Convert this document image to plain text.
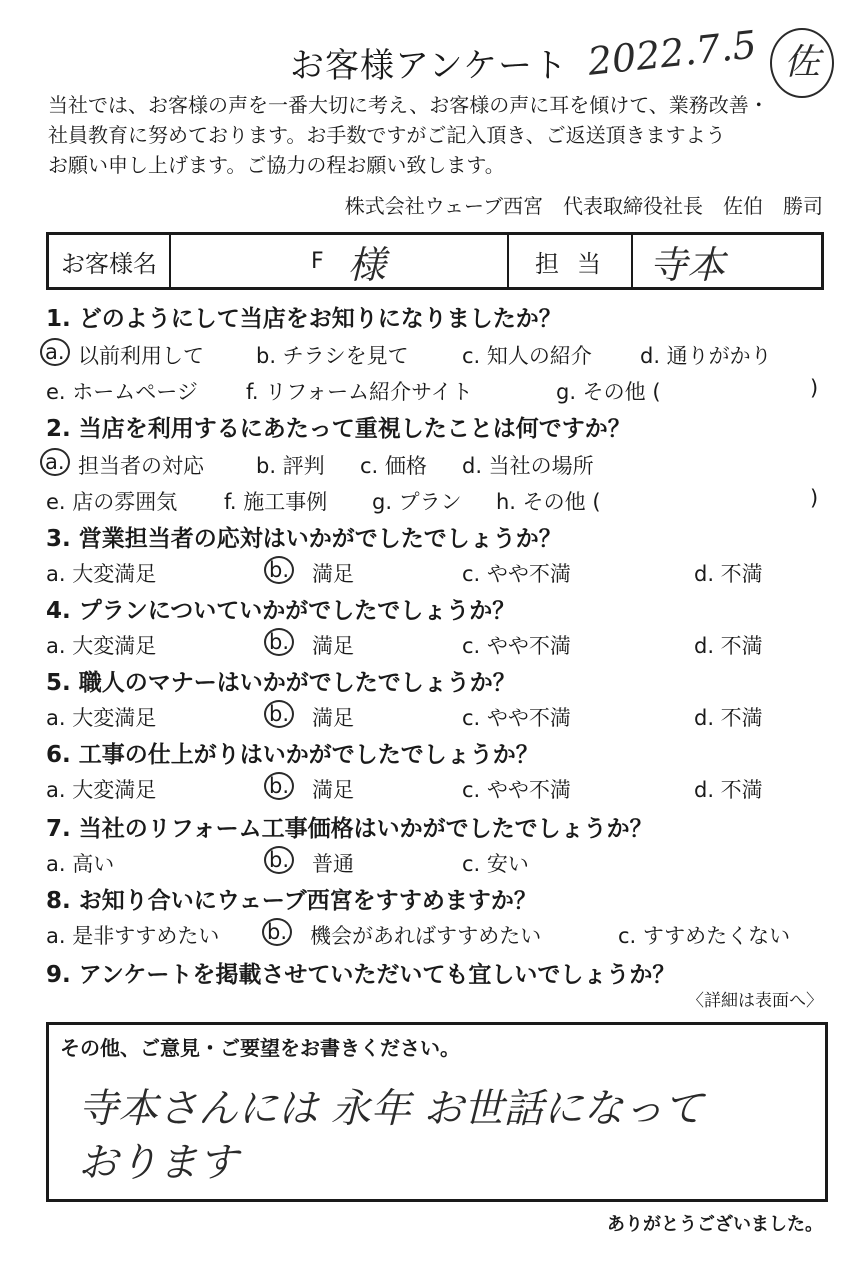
お客様アンケート 2022.7.5 佐

当社では、お客様の声を一番大切に考え、お客様の声に耳を傾けて、業務改善・

社員教育に努めております。お手数ですがご記入頂き、ご返送頂きますよう

お願い申し上げます。ご協力の程お願い致します。

株式会社ウェーブ西宮　代表取締役社長　佐伯　勝司
お客様名	F 様	担当 寺本
1. どのようにして当店をお知りになりましたか？
a. 以前利用して b. チラシを見て	c. 知人の紹介 d. 通りがかり
e. ホームページ f. リフォーム紹介サイト	g. その他 (	)
2. 当店を利用するにあたって重視したことは何ですか？
a. 担当者の対応 b. 評判 c. 価格 d. 当社の場所
e. 店の雰囲気 f. 施工事例 g. プラン h. その他 (	)
3. 営業担当者の応対はいかがでしたでしょうか？
a. 大変満足	b. 満足	c. やや不満	d. 不満
4. プランについていかがでしたでしょうか？
a. 大変満足	b. 満足	c. やや不満	d. 不満
5. 職人のマナーはいかがでしたでしょうか？
a. 大変満足	b. 満足	c. やや不満	d. 不満
6. 工事の仕上がりはいかがでしたでしょうか？
a. 大変満足	b. 満足	c. やや不満	d. 不満
7. 当社のリフォーム工事価格はいかがでしたでしょうか？
a. 高い	b. 普通	c. 安い
8. お知り合いにウェーブ西宮をすすめますか？
a. 是非すすめたい b. 機会があればすすめたい	c. すすめたくない
9. アンケートを掲載させていただいても宜しいでしょうか？
〈詳細は表面へ〉
その他、ご意見・ご要望をお書きください。
寺本さんには 永年 お世話になって
おります
ありがとうございました。
